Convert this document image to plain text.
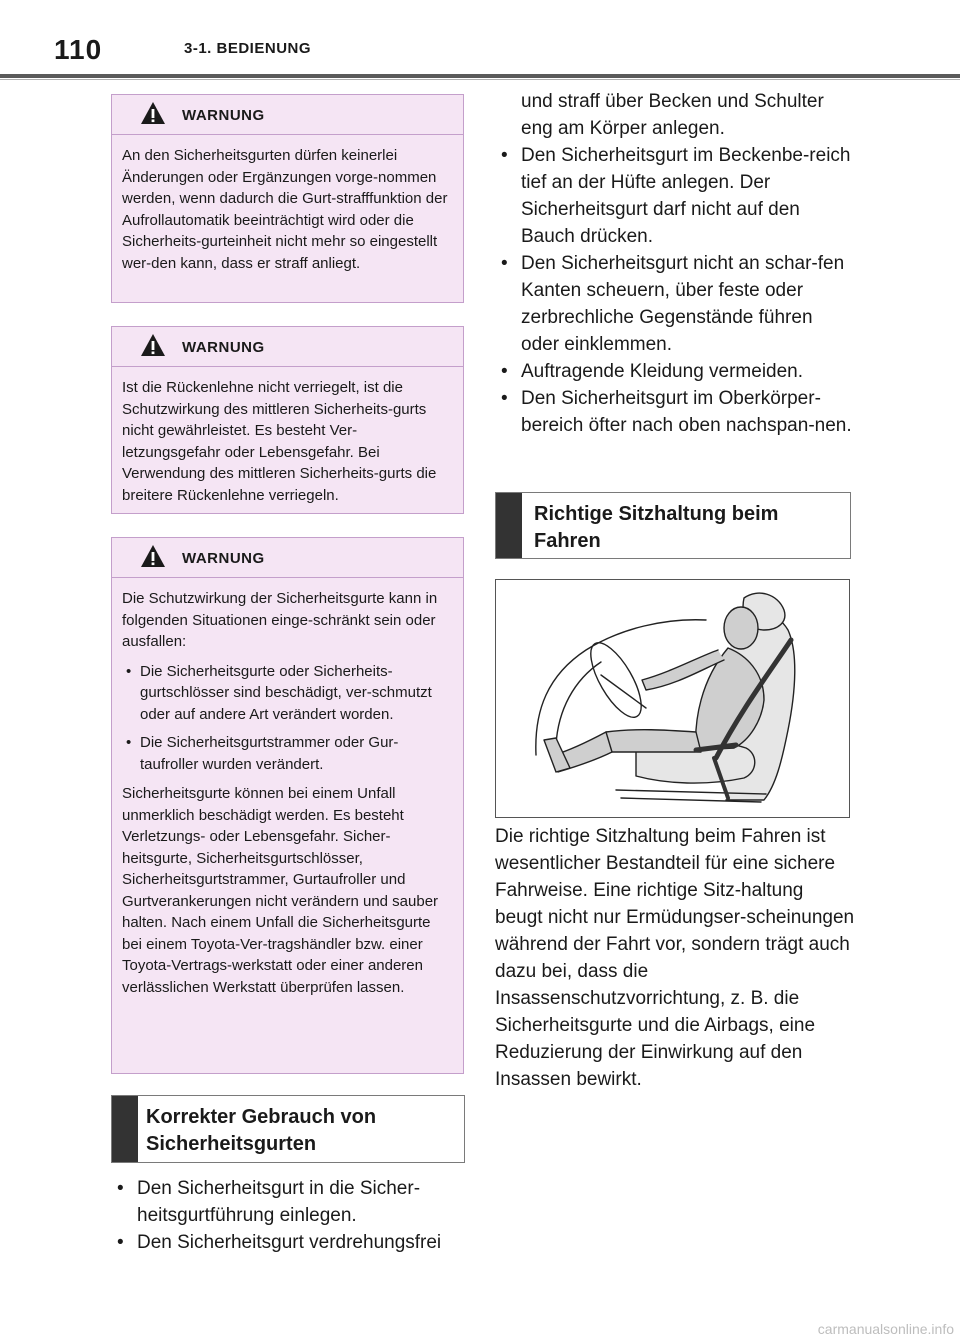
110	3-1. BEDIENUNG
WARNUNG

An den Sicherheitsgurten dürfen keinerlei Änderungen oder Ergänzungen vorge-nommen werden, wenn dadurch die Gurt-strafffunktion der Aufrollautomatik beeinträchtigt wird oder die Sicherheits-gurteinheit nicht mehr so eingestellt wer-den kann, dass er straff anliegt.

WARNUNG

Ist die Rückenlehne nicht verriegelt, ist die Schutzwirkung des mittleren Sicherheits-gurts nicht gewährleistet. Es besteht Ver-letzungsgefahr oder Lebensgefahr. Bei Verwendung des mittleren Sicherheits-gurts die breitere Rückenlehne verriegeln.

WARNUNG

Die Schutzwirkung der Sicherheitsgurte kann in folgenden Situationen einge-schränkt sein oder ausfallen:

• Die Sicherheitsgurte oder Sicherheits-gurtschlösser sind beschädigt, ver-schmutzt oder auf andere Art verändert worden.
• Die Sicherheitsgurtstrammer oder Gur-taufroller wurden verändert.

Sicherheitsgurte können bei einem Unfall unmerklich beschädigt werden. Es besteht Verletzungs- oder Lebensgefahr. Sicher-heitsgurte, Sicherheitsgurtschlösser, Sicherheitsgurtstrammer, Gurtaufroller und Gurtverankerungen nicht verändern und sauber halten. Nach einem Unfall die Sicherheitsgurte bei einem Toyota-Ver-tragshändler bzw. einer Toyota-Vertrags-werkstatt oder einer anderen verlässlichen Werkstatt überprüfen lassen.

Korrekter Gebrauch von Sicherheitsgurten
• Den Sicherheitsgurt in die Sicher-heitsgurtführung einlegen.
• Den Sicherheitsgurt verdrehungsfrei

und straff über Becken und Schulter eng am Körper anlegen.

• Den Sicherheitsgurt im Beckenbe-reich tief an der Hüfte anlegen. Der Sicherheitsgurt darf nicht auf den Bauch drücken.
• Den Sicherheitsgurt nicht an schar-fen Kanten scheuern, über feste oder zerbrechliche Gegenstände führen oder einklemmen.
• Auftragende Kleidung vermeiden.
• Den Sicherheitsgurt im Oberkörper-bereich öfter nach oben nachspan-nen.
Richtige Sitzhaltung beim Fahren

Die richtige Sitzhaltung beim Fahren ist wesentlicher Bestandteil für eine sichere Fahrweise. Eine richtige Sitz-haltung beugt nicht nur Ermüdungser-scheinungen während der Fahrt vor, sondern trägt auch dazu bei, dass die Insassenschutzvorrichtung, z. B. die Sicherheitsgurte und die Airbags, eine Reduzierung der Einwirkung auf den Insassen bewirkt.

carmanualsonline.info
